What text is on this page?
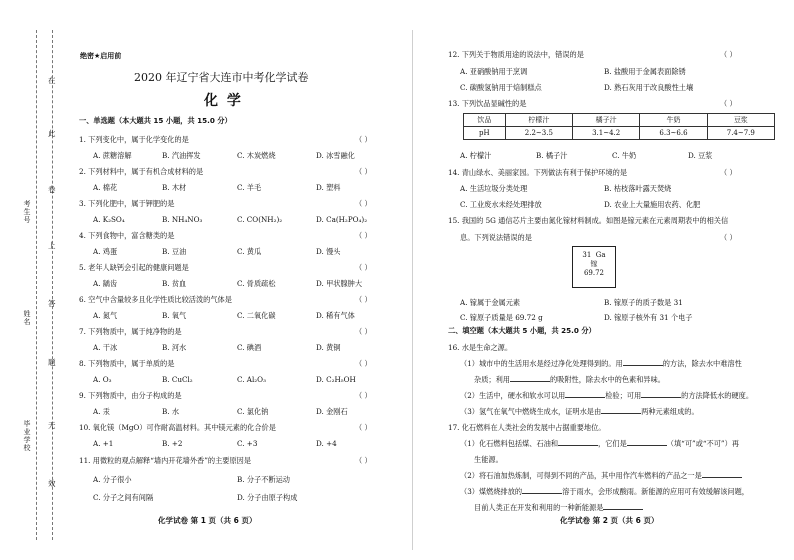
在
此
卷
上
答
题
无
效
考生号
姓名
毕业学校
绝密★启用前
2020 年辽宁省大连市中考化学试卷
化 学
一、单选题（本大题共 15 小题，共 15.0 分）
1. 下列变化中，属于化学变化的是	（ ）
A. 蔗糖溶解	B. 汽油挥发	C. 木炭燃烧	D. 冰雪融化
2. 下列材料中，属于有机合成材料的是	（ ）
A. 棉花	B. 木材	C. 羊毛	D. 塑料
3. 下列化肥中，属于钾肥的是	（ ）
A. K₂SO₄	B. NH₄NO₃	C. CO(NH₂)₂	D. Ca(H₂PO₄)₂
4. 下列食物中，富含糖类的是	（ ）
A. 鸡蛋	B. 豆油	C. 黄瓜	D. 馒头
5. 老年人缺钙会引起的健康问题是	（ ）
A. 龋齿	B. 贫血	C. 骨质疏松	D. 甲状腺肿大
6. 空气中含量较多且化学性质比较活泼的气体是	（ ）
A. 氮气	B. 氧气	C. 二氧化碳	D. 稀有气体
7. 下列物质中，属于纯净物的是	（ ）
A. 干冰	B. 河水	C. 碘酒	D. 黄铜
8. 下列物质中，属于单质的是	（ ）
A. O₃	B. CuCl₂	C. Al₂O₃	D. C₂H₅OH
9. 下列物质中，由分子构成的是	（ ）
A. 汞	B. 水	C. 氯化钠	D. 金刚石
10. 氧化镁（MgO）可作耐高温材料。其中镁元素的化合价是	（ ）
A. +1	B. +2	C. +3	D. +4
11. 用微粒的观点解释“墙内开花墙外香”的主要原因是	（ ）
A. 分子很小	B. 分子不断运动
C. 分子之间有间隔	D. 分子由原子构成
化学试卷 第 1 页（共 6 页）
12. 下列关于物质用途的说法中，错误的是	（ ）
A. 亚硝酸钠用于烹调	B. 盐酸用于金属表面除锈
C. 碳酸氢钠用于焙制糕点	D. 熟石灰用于改良酸性土壤
13. 下列饮品显碱性的是	（ ）
饮品	柠檬汁	橘子汁	牛奶	豆浆
pH	2.2~3.5	3.1~4.2	6.3~6.6	7.4~7.9
A. 柠檬汁	B. 橘子汁	C. 牛奶	D. 豆浆
14. 青山绿水、美丽家园。下列做法有利于保护环境的是	（ ）
A. 生活垃圾分类处理	B. 枯枝落叶露天焚烧
C. 工业废水未经处理排放	D. 农业上大量施用农药、化肥
15. 我国的 5G 通信芯片主要由氮化镓材料制成。如图是镓元素在元素周期表中的相关信
息。下列说法错误的是	（ ）
31 Ga
镓
69.72
A. 镓属于金属元素	B. 镓原子的质子数是 31
C. 镓原子质量是 69.72 g	D. 镓原子核外有 31 个电子
二、填空题（本大题共 5 小题，共 25.0 分）
16. 水是生命之源。
（1）城市中的生活用水是经过净化处理得到的。用	的方法，除去水中难溶性
杂质；利用	的吸附性，除去水中的色素和异味。
（2）生活中，硬水和软水可以用	检验；可用	的方法降低水的硬度。
（3）氢气在氧气中燃烧生成水，证明水是由	两种元素组成的。
17. 化石燃料在人类社会的发展中占据重要地位。
（1）化石燃料包括煤、石油和	，它们是	（填“可”或“不可”）再
生能源。
（2）将石油加热炼制，可得到不同的产品，其中用作汽车燃料的产品之一是
（3）煤燃烧排放的	溶于雨水，会形成酸雨。新能源的应用可有效缓解该问题，
目前人类正在开发和利用的一种新能源是
化学试卷 第 2 页（共 6 页）
